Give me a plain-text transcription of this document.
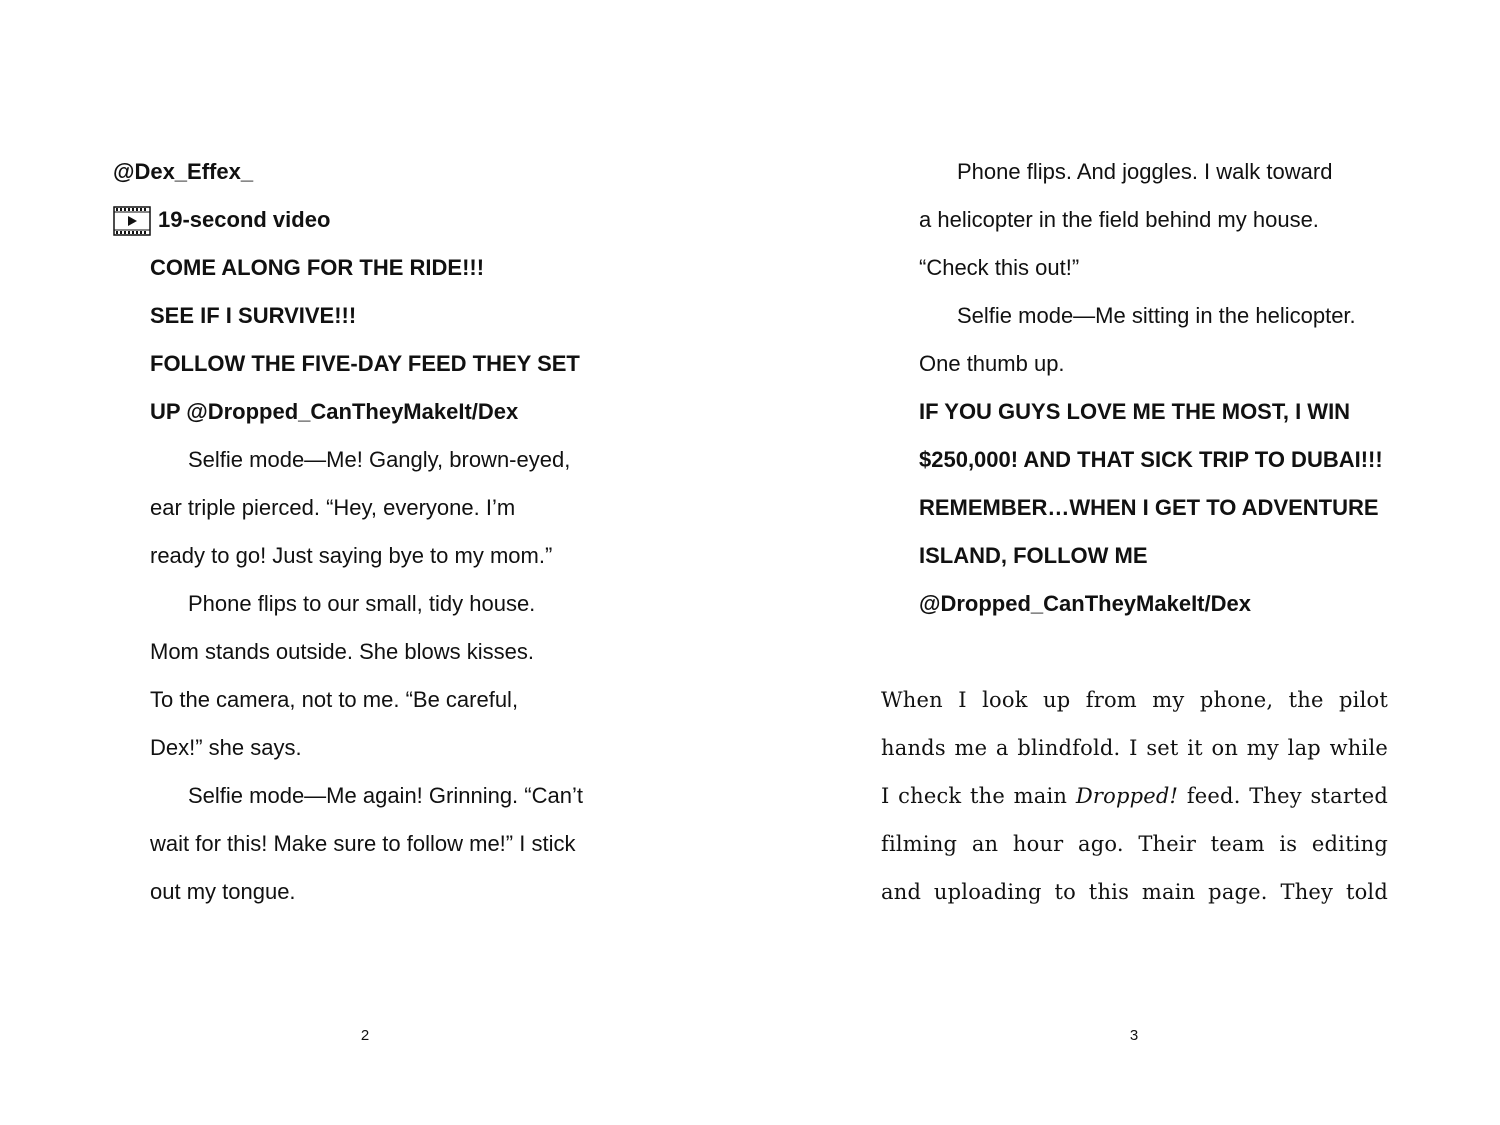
@Dex_Effex_
19-second video
COME ALONG FOR THE RIDE!!!
SEE IF I SURVIVE!!!
FOLLOW THE FIVE-DAY FEED THEY SET
UP @Dropped_CanTheyMakeIt/Dex
Selfie mode—Me! Gangly, brown-eyed,
ear triple pierced. “Hey, everyone. I’m
ready to go! Just saying bye to my mom.”
Phone flips to our small, tidy house.
Mom stands outside. She blows kisses.
To the camera, not to me. “Be careful,
Dex!” she says.
Selfie mode—Me again! Grinning. “Can’t
wait for this! Make sure to follow me!” I stick
out my tongue.
2
Phone flips. And joggles. I walk toward
a helicopter in the field behind my house.
“Check this out!”
Selfie mode—Me sitting in the helicopter.
One thumb up.
IF YOU GUYS LOVE ME THE MOST, I WIN
$250,000! AND THAT SICK TRIP TO DUBAI!!!
REMEMBER…WHEN I GET TO ADVENTURE
ISLAND, FOLLOW ME
@Dropped_CanTheyMakeIt/Dex
When I look up from my phone, the pilot
hands me a blindfold. I set it on my lap while
I check the main Dropped! feed. They started
filming an hour ago. Their team is editing
and uploading to this main page. They told
3
